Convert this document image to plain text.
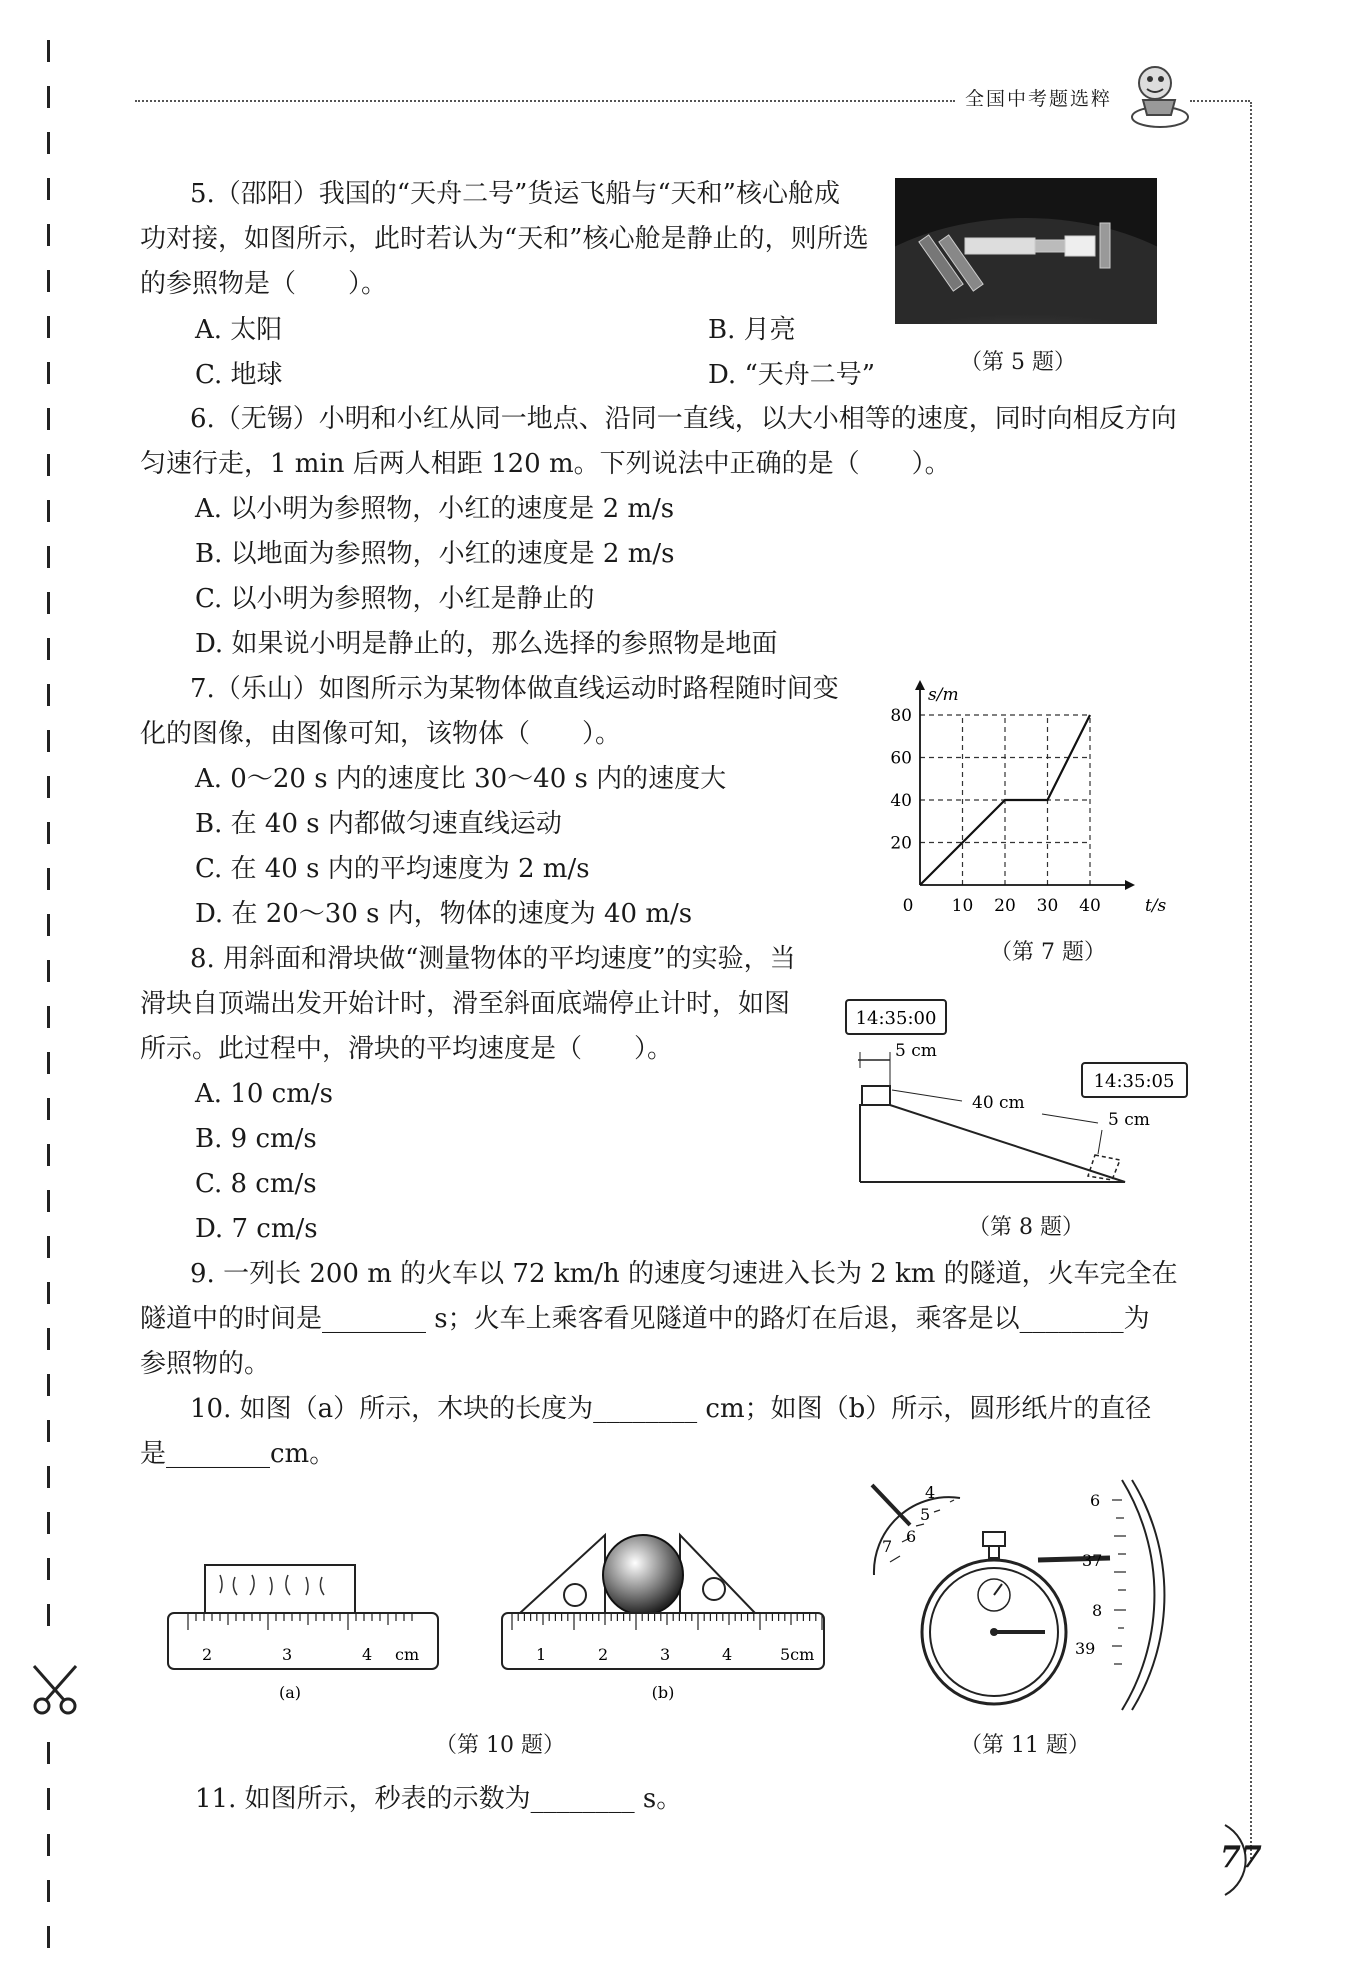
全国中考题选粹
5.（邵阳）我国的“天舟二号”货运飞船与“天和”核心舱成
功对接，如图所示，此时若认为“天和”核心舱是静止的，则所选
的参照物是（　　）。
A. 太阳	B. 月亮
C. 地球	D. “天舟二号”	（第 5 题）
6.（无锡）小明和小红从同一地点、沿同一直线，以大小相等的速度，同时向相反方向
匀速行走，1 min 后两人相距 120 m。下列说法中正确的是（　　）。
A. 以小明为参照物，小红的速度是 2 m/s
B. 以地面为参照物，小红的速度是 2 m/s
C. 以小明为参照物，小红是静止的
D. 如果说小明是静止的，那么选择的参照物是地面
7.（乐山）如图所示为某物体做直线运动时路程随时间变
化的图像，由图像可知，该物体（　　）。
A. 0～20 s 内的速度比 30～40 s 内的速度大
B. 在 40 s 内都做匀速直线运动
C. 在 40 s 内的平均速度为 2 m/s
D. 在 20～30 s 内，物体的速度为 40 m/s	0 10 20 30 40
20
40
60
80
t/s
s/m
（第 7 题）
8. 用斜面和滑块做“测量物体的平均速度”的实验，当
滑块自顶端出发开始计时，滑至斜面底端停止计时，如图
所示。此过程中，滑块的平均速度是（　　）。
A. 10 cm/s
B. 9 cm/s
C. 8 cm/s
D. 7 cm/s
14:35:00
14:35:05
5 cm
40 cm
5 cm
（第 8 题）
9. 一列长 200 m 的火车以 72 km/h 的速度匀速进入长为 2 km 的隧道，火车完全在
隧道中的时间是________ s；火车上乘客看见隧道中的路灯在后退，乘客是以________为
参照物的。
10. 如图（a）所示，木块的长度为________ cm；如图（b）所示，圆形纸片的直径
是________cm。
2	3	4 cm
(a)
1	2	3	4	5cm
(b)
（第 10 题）
4
5
6
7
6
37
8
39
（第 11 题）
11. 如图所示，秒表的示数为________ s。
77
